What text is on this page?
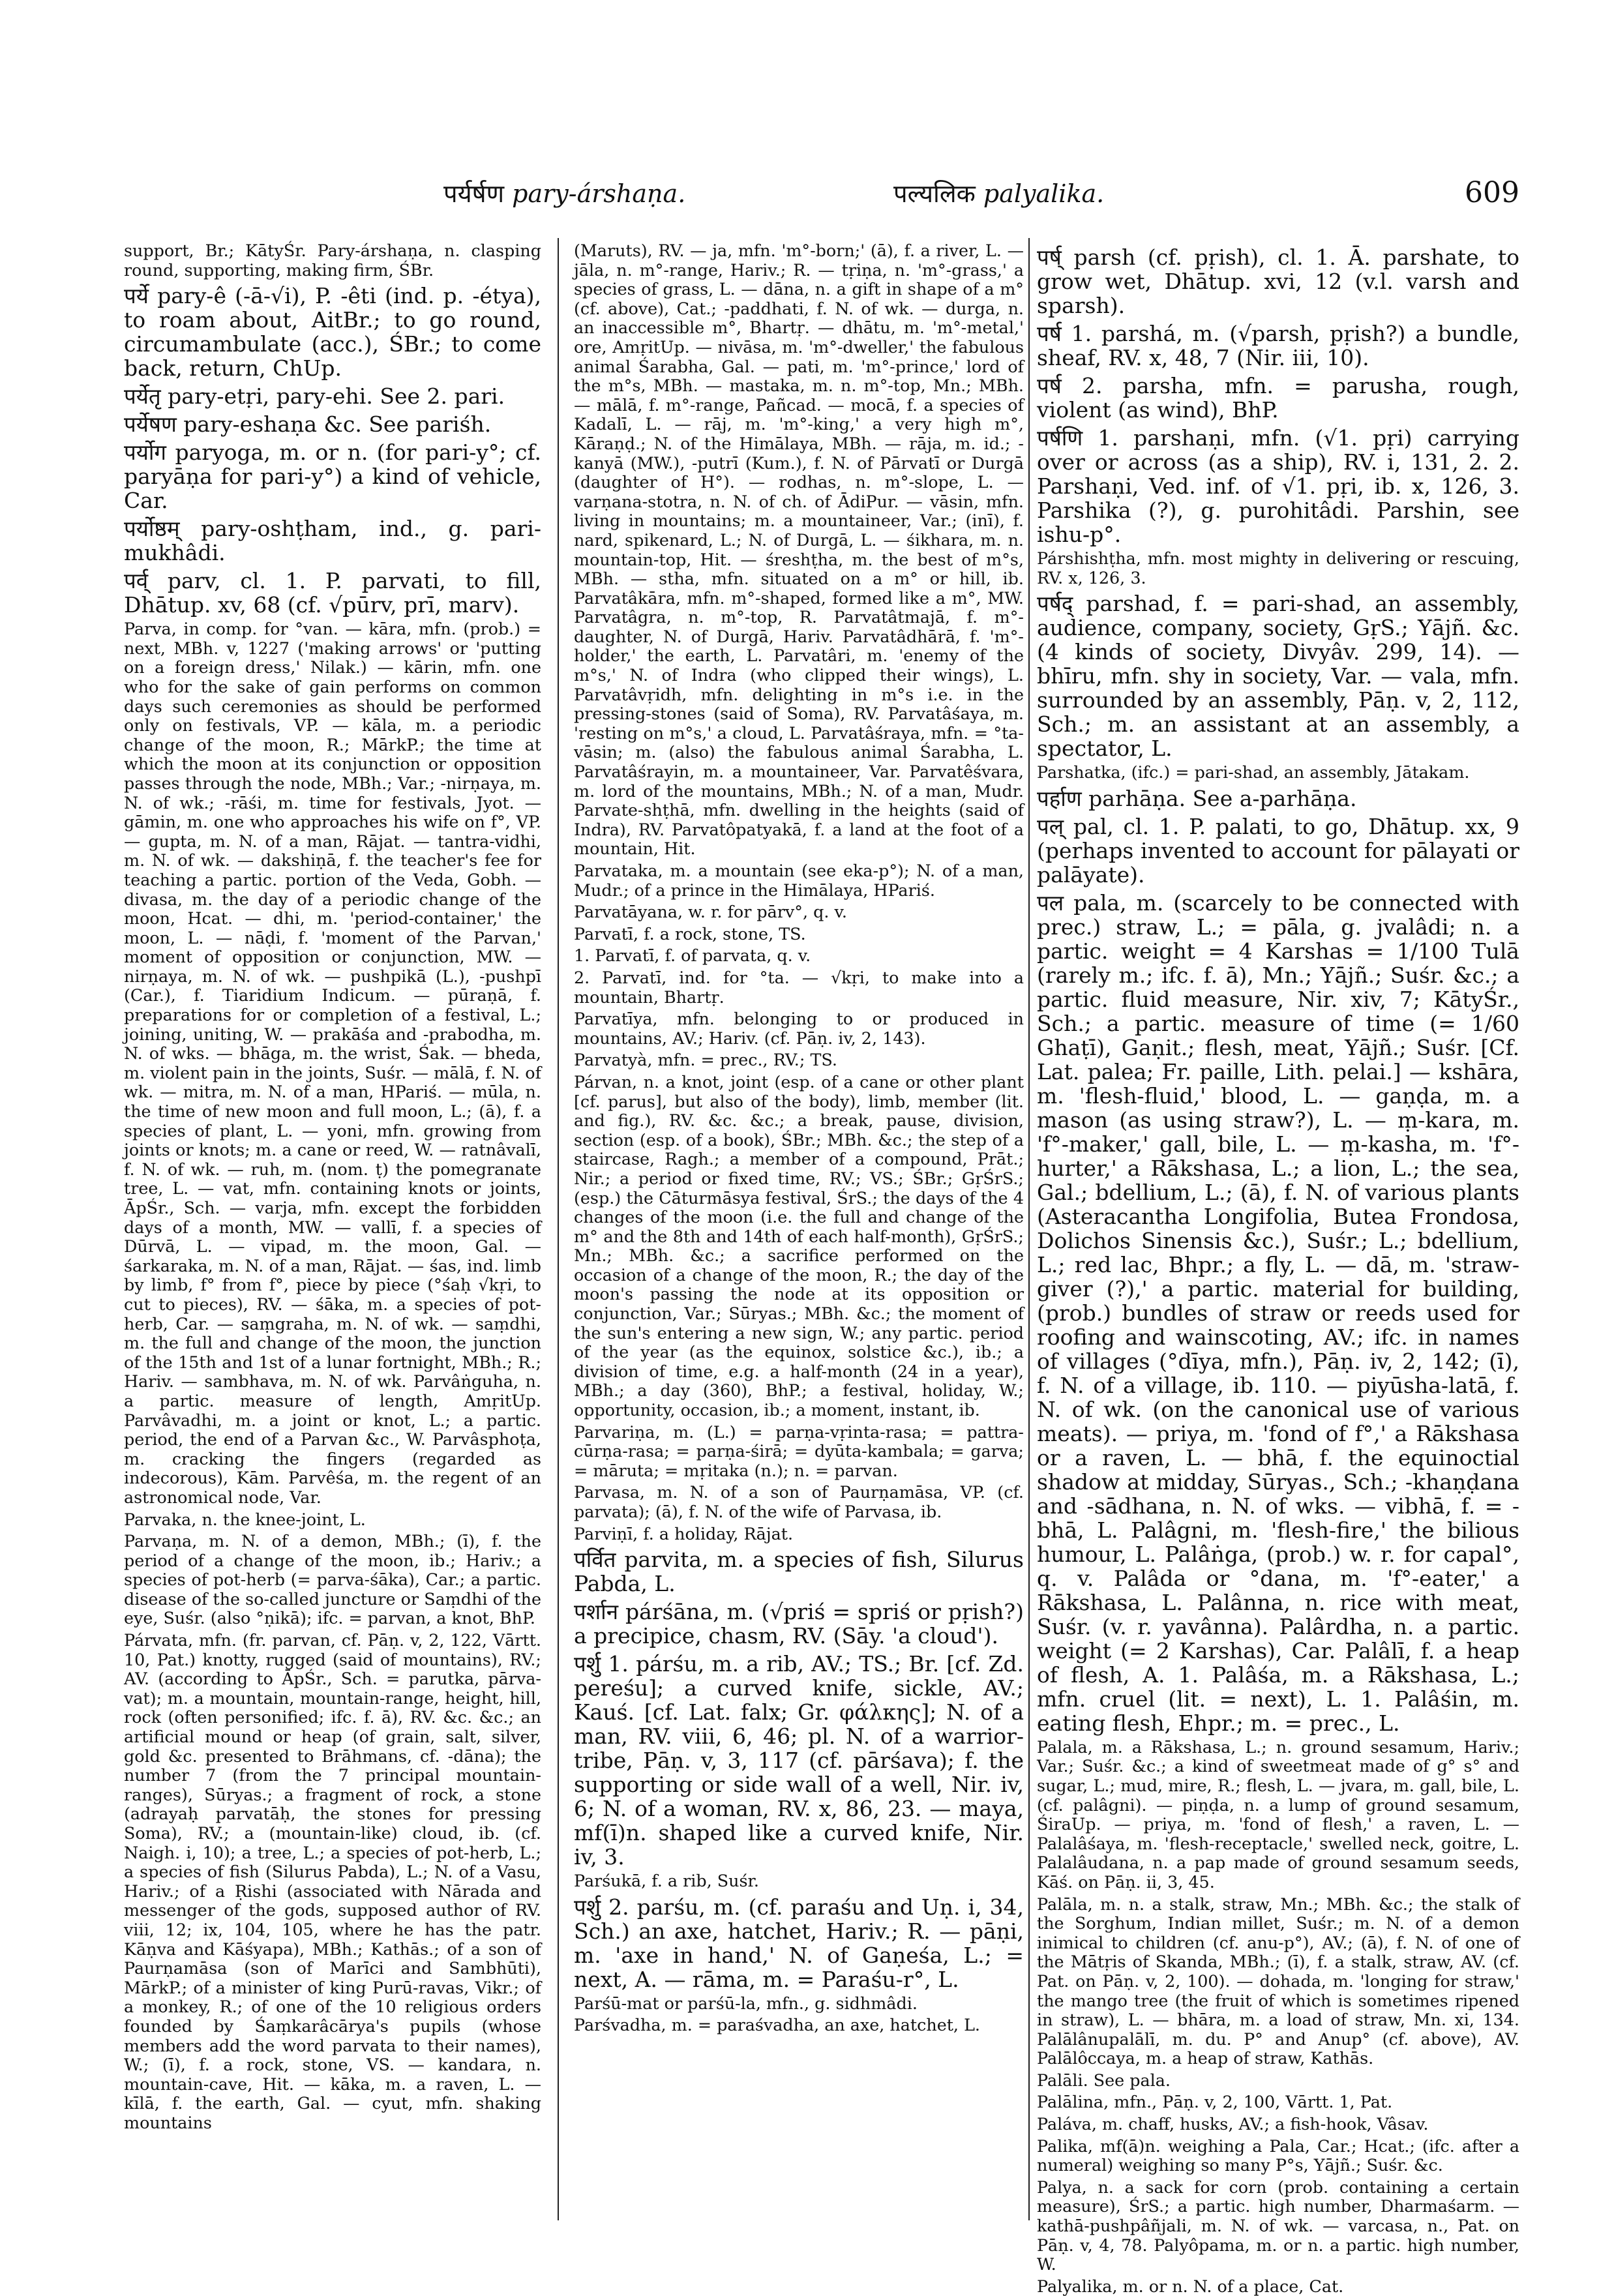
पर्यर्षण pary-árshaṇa.	पल्यलिक palyalika.	609

support, Br.; KātyŚr. Pary-árshaṇa, n. clasping round, supporting, making firm, ŚBr.

पर्ये pary-ê (-ā-√i), P. -êti (ind. p. -étya), to roam about, AitBr.; to go round, circumambulate (acc.), ŚBr.; to come back, return, ChUp.

पर्येतृ pary-etṛi, pary-ehi. See 2. pari.

पर्येषण pary-eshaṇa &c. See pariśh.

पर्योग paryoga, m. or n. (for pari-y°; cf. paryāṇa for pari-y°) a kind of vehicle, Car.

पर्योष्ठम् pary-oshṭham, ind., g. pari-mukhâdi.

पर्व् parv, cl. 1. P. parvati, to fill, Dhātup. xv, 68 (cf. √pūrv, prī, marv).

Parva, in comp. for °van. — kāra, mfn. (prob.) = next, MBh. v, 1227 ('making arrows' or 'putting on a foreign dress,' Nilak.) — kārin, mfn. one who for the sake of gain performs on common days such ceremonies as should be performed only on festivals, VP. — kāla, m. a periodic change of the moon, R.; MārkP.; the time at which the moon at its conjunction or opposition passes through the node, MBh.; Var.; -nirṇaya, m. N. of wk.; -rāśi, m. time for festivals, Jyot. — gāmin, m. one who approaches his wife on f°, VP. — gupta, m. N. of a man, Rājat. — tantra-vidhi, m. N. of wk. — dakshiṇā, f. the teacher's fee for teaching a partic. portion of the Veda, Gobh. — divasa, m. the day of a periodic change of the moon, Hcat. — dhi, m. 'period-container,' the moon, L. — nāḍi, f. 'moment of the Parvan,' moment of opposition or conjunction, MW. — nirṇaya, m. N. of wk. — pushpikā (L.), -pushpī (Car.), f. Tiaridium Indicum. — pūraṇā, f. preparations for or completion of a festival, L.; joining, uniting, W. — prakāśa and -prabodha, m. N. of wks. — bhāga, m. the wrist, Śak. — bheda, m. violent pain in the joints, Suśr. — mālā, f. N. of wk. — mitra, m. N. of a man, HPariś. — mūla, n. the time of new moon and full moon, L.; (ā), f. a species of plant, L. — yoni, mfn. growing from joints or knots; m. a cane or reed, W. — ratnâvalī, f. N. of wk. — ruh, m. (nom. ṭ) the pomegranate tree, L. — vat, mfn. containing knots or joints, ĀpŚr., Sch. — varja, mfn. except the forbidden days of a month, MW. — vallī, f. a species of Dūrvā, L. — vipad, m. the moon, Gal. — śarkaraka, m. N. of a man, Rājat. — śas, ind. limb by limb, f° from f°, piece by piece (°śaḥ √kṛi, to cut to pieces), RV. — śāka, m. a species of pot-herb, Car. — saṃgraha, m. N. of wk. — saṃdhi, m. the full and change of the moon, the junction of the 15th and 1st of a lunar fortnight, MBh.; R.; Hariv. — sambhava, m. N. of wk. Parvâṅguha, n. a partic. measure of length, AmṛitUp. Parvâvadhi, m. a joint or knot, L.; a partic. period, the end of a Parvan &c., W. Parvâsphoṭa, m. cracking the fingers (regarded as indecorous), Kām. Parvêśa, m. the regent of an astronomical node, Var.

Parvaka, n. the knee-joint, L.

Parvaṇa, m. N. of a demon, MBh.; (ī), f. the period of a change of the moon, ib.; Hariv.; a species of pot-herb (= parva-śāka), Car.; a partic. disease of the so-called juncture or Saṃdhi of the eye, Suśr. (also °ṇikā); ifc. = parvan, a knot, BhP.

Párvata, mfn. (fr. parvan, cf. Pāṇ. v, 2, 122, Vārtt. 10, Pat.) knotty, rugged (said of mountains), RV.; AV. (according to ĀpŚr., Sch. = parutka, pārva-vat); m. a mountain, mountain-range, height, hill, rock (often personified; ifc. f. ā), RV. &c. &c.; an artificial mound or heap (of grain, salt, silver, gold &c. presented to Brāhmans, cf. -dāna); the number 7 (from the 7 principal mountain-ranges), Sūryas.; a fragment of rock, a stone (adrayaḥ parvatāḥ, the stones for pressing Soma), RV.; a (mountain-like) cloud, ib. (cf. Naigh. i, 10); a tree, L.; a species of pot-herb, L.; a species of fish (Silurus Pabda), L.; N. of a Vasu, Hariv.; of a Ṛishi (associated with Nārada and messenger of the gods, supposed author of RV. viii, 12; ix, 104, 105, where he has the patr. Kāṇva and Kāśyapa), MBh.; Kathās.; of a son of Paurṇamāsa (son of Marīci and Sambhūti), MārkP.; of a minister of king Purū-ravas, Vikr.; of a monkey, R.; of one of the 10 religious orders founded by Śaṃkarâcārya's pupils (whose members add the word parvata to their names), W.; (ī), f. a rock, stone, VS. — kandara, n. mountain-cave, Hit. — kāka, m. a raven, L. — kīlā, f. the earth, Gal. — cyut, mfn. shaking mountains

(Maruts), RV. — ja, mfn. 'm°-born;' (ā), f. a river, L. — jāla, n. m°-range, Hariv.; R. — tṛiṇa, n. 'm°-grass,' a species of grass, L. — dāna, n. a gift in shape of a m° (cf. above), Cat.; -paddhati, f. N. of wk. — durga, n. an inaccessible m°, Bhartṛ. — dhātu, m. 'm°-metal,' ore, AmṛitUp. — nivāsa, m. 'm°-dweller,' the fabulous animal Śarabha, Gal. — pati, m. 'm°-prince,' lord of the m°s, MBh. — mastaka, m. n. m°-top, Mn.; MBh. — mālā, f. m°-range, Pañcad. — mocā, f. a species of Kadalī, L. — rāj, m. 'm°-king,' a very high m°, Kāraṇḍ.; N. of the Himālaya, MBh. — rāja, m. id.; -kanyā (MW.), -putrī (Kum.), f. N. of Pārvatī or Durgā (daughter of H°). — rodhas, n. m°-slope, L. — varṇana-stotra, n. N. of ch. of ĀdiPur. — vāsin, mfn. living in mountains; m. a mountaineer, Var.; (inī), f. nard, spikenard, L.; N. of Durgā, L. — śikhara, m. n. mountain-top, Hit. — śreshṭha, m. the best of m°s, MBh. — stha, mfn. situated on a m° or hill, ib. Parvatâkāra, mfn. m°-shaped, formed like a m°, MW. Parvatâgra, n. m°-top, R. Parvatâtmajā, f. m°-daughter, N. of Durgā, Hariv. Parvatâdhārā, f. 'm°-holder,' the earth, L. Parvatâri, m. 'enemy of the m°s,' N. of Indra (who clipped their wings), L. Parvatâvṛidh, mfn. delighting in m°s i.e. in the pressing-stones (said of Soma), RV. Parvatâśaya, m. 'resting on m°s,' a cloud, L. Parvatâśraya, mfn. = °ta-vāsin; m. (also) the fabulous animal Śarabha, L. Parvatâśrayin, m. a mountaineer, Var. Parvatêśvara, m. lord of the mountains, MBh.; N. of a man, Mudr. Parvate-shṭhā, mfn. dwelling in the heights (said of Indra), RV. Parvatôpatyakā, f. a land at the foot of a mountain, Hit.

Parvataka, m. a mountain (see eka-p°); N. of a man, Mudr.; of a prince in the Himālaya, HPariś.

Parvatāyana, w. r. for pārv°, q. v.

Parvatī, f. a rock, stone, TS.

1. Parvatī, f. of parvata, q. v.

2. Parvatī, ind. for °ta. — √kṛi, to make into a mountain, Bhartṛ.

Parvatīya, mfn. belonging to or produced in mountains, AV.; Hariv. (cf. Pāṇ. iv, 2, 143).

Parvatyà, mfn. = prec., RV.; TS.

Párvan, n. a knot, joint (esp. of a cane or other plant [cf. parus], but also of the body), limb, member (lit. and fig.), RV. &c. &c.; a break, pause, division, section (esp. of a book), ŚBr.; MBh. &c.; the step of a staircase, Ragh.; a member of a compound, Prāt.; Nir.; a period or fixed time, RV.; VS.; ŚBr.; GṛŚrS.; (esp.) the Cāturmāsya festival, ŚrS.; the days of the 4 changes of the moon (i.e. the full and change of the m° and the 8th and 14th of each half-month), GṛŚrS.; Mn.; MBh. &c.; a sacrifice performed on the occasion of a change of the moon, R.; the day of the moon's passing the node at its opposition or conjunction, Var.; Sūryas.; MBh. &c.; the moment of the sun's entering a new sign, W.; any partic. period of the year (as the equinox, solstice &c.), ib.; a division of time, e.g. a half-month (24 in a year), MBh.; a day (360), BhP.; a festival, holiday, W.; opportunity, occasion, ib.; a moment, instant, ib.

Parvariṇa, m. (L.) = parṇa-vṛinta-rasa; = pattra-cūrṇa-rasa; = parṇa-śirā; = dyūta-kambala; = garva; = māruta; = mṛitaka (n.); n. = parvan.

Parvasa, m. N. of a son of Paurṇamāsa, VP. (cf. parvata); (ā), f. N. of the wife of Parvasa, ib.

Parviṇī, f. a holiday, Rājat.

पर्वित parvita, m. a species of fish, Silurus Pabda, L.

पर्शान párśāna, m. (√priś = spriś or pṛish?) a precipice, chasm, RV. (Sāy. 'a cloud').

पर्शु 1. párśu, m. a rib, AV.; TS.; Br. [cf. Zd. pereśu]; a curved knife, sickle, AV.; Kauś. [cf. Lat. falx; Gr. φάλκης]; N. of a man, RV. viii, 6, 46; pl. N. of a warrior-tribe, Pāṇ. v, 3, 117 (cf. pārśava); f. the supporting or side wall of a well, Nir. iv, 6; N. of a woman, RV. x, 86, 23. — maya, mf(ī)n. shaped like a curved knife, Nir. iv, 3.

Parśukā, f. a rib, Suśr.

पर्शु 2. parśu, m. (cf. paraśu and Uṇ. i, 34, Sch.) an axe, hatchet, Hariv.; R. — pāṇi, m. 'axe in hand,' N. of Gaṇeśa, L.; = next, A. — rāma, m. = Paraśu-r°, L.

Parśū-mat or parśū-la, mfn., g. sidhmâdi.

Parśvadha, m. = paraśvadha, an axe, hatchet, L.

पर्ष् parsh (cf. pṛish), cl. 1. Ā. parshate, to grow wet, Dhātup. xvi, 12 (v.l. varsh and sparsh).

पर्ष 1. parshá, m. (√parsh, pṛish?) a bundle, sheaf, RV. x, 48, 7 (Nir. iii, 10).

पर्ष 2. parsha, mfn. = parusha, rough, violent (as wind), BhP.

पर्षणि 1. parshaṇi, mfn. (√1. pṛi) carrying over or across (as a ship), RV. i, 131, 2. 2. Parshaṇi, Ved. inf. of √1. pṛi, ib. x, 126, 3. Parshika (?), g. purohitâdi. Parshin, see ishu-p°.

Párshishṭha, mfn. most mighty in delivering or rescuing, RV. x, 126, 3.

पर्षद् parshad, f. = pari-shad, an assembly, audience, company, society, GṛS.; Yājñ. &c. (4 kinds of society, Divyâv. 299, 14). — bhīru, mfn. shy in society, Var. — vala, mfn. surrounded by an assembly, Pāṇ. v, 2, 112, Sch.; m. an assistant at an assembly, a spectator, L.

Parshatka, (ifc.) = pari-shad, an assembly, Jātakam.

पर्हाण parhāṇa. See a-parhāṇa.

पल् pal, cl. 1. P. palati, to go, Dhātup. xx, 9 (perhaps invented to account for pālayati or palāyate).

पल pala, m. (scarcely to be connected with prec.) straw, L.; = pāla, g. jvalâdi; n. a partic. weight = 4 Karshas = 1/100 Tulā (rarely m.; ifc. f. ā), Mn.; Yājñ.; Suśr. &c.; a partic. fluid measure, Nir. xiv, 7; KātyŚr., Sch.; a partic. measure of time (= 1/60 Ghaṭī), Gaṇit.; flesh, meat, Yājñ.; Suśr. [Cf. Lat. palea; Fr. paille, Lith. pelai.] — kshāra, m. 'flesh-fluid,' blood, L. — gaṇḍa, m. a mason (as using straw?), L. — ṃ-kara, m. 'f°-maker,' gall, bile, L. — ṃ-kasha, m. 'f°-hurter,' a Rākshasa, L.; a lion, L.; the sea, Gal.; bdellium, L.; (ā), f. N. of various plants (Asteracantha Longifolia, Butea Frondosa, Dolichos Sinensis &c.), Suśr.; L.; bdellium, L.; red lac, Bhpr.; a fly, L. — dā, m. 'straw-giver (?),' a partic. material for building, (prob.) bundles of straw or reeds used for roofing and wainscoting, AV.; ifc. in names of villages (°dīya, mfn.), Pāṇ. iv, 2, 142; (ī), f. N. of a village, ib. 110. — piyūsha-latā, f. N. of wk. (on the canonical use of various meats). — priya, m. 'fond of f°,' a Rākshasa or a raven, L. — bhā, f. the equinoctial shadow at midday, Sūryas., Sch.; -khaṇḍana and -sādhana, n. N. of wks. — vibhā, f. = -bhā, L. Palâgni, m. 'flesh-fire,' the bilious humour, L. Palâṅga, (prob.) w. r. for capal°, q. v. Palâda or °dana, m. 'f°-eater,' a Rākshasa, L. Palânna, n. rice with meat, Suśr. (v. r. yavânna). Palârdha, n. a partic. weight (= 2 Karshas), Car. Palâlī, f. a heap of flesh, A. 1. Palâśa, m. a Rākshasa, L.; mfn. cruel (lit. = next), L. 1. Palâśin, m. eating flesh, Ehpr.; m. = prec., L.

Palala, m. a Rākshasa, L.; n. ground sesamum, Hariv.; Var.; Suśr. &c.; a kind of sweetmeat made of g° s° and sugar, L.; mud, mire, R.; flesh, L. — jvara, m. gall, bile, L. (cf. palâgni). — piṇḍa, n. a lump of ground sesamum, ŚiraUp. — priya, m. 'fond of flesh,' a raven, L. — Palalâśaya, m. 'flesh-receptacle,' swelled neck, goitre, L. Palalâudana, n. a pap made of ground sesamum seeds, Kāś. on Pāṇ. ii, 3, 45.

Palāla, m. n. a stalk, straw, Mn.; MBh. &c.; the stalk of the Sorghum, Indian millet, Suśr.; m. N. of a demon inimical to children (cf. anu-p°), AV.; (ā), f. N. of one of the Mātṛis of Skanda, MBh.; (ī), f. a stalk, straw, AV. (cf. Pat. on Pāṇ. v, 2, 100). — dohada, m. 'longing for straw,' the mango tree (the fruit of which is sometimes ripened in straw), L. — bhāra, m. a load of straw, Mn. xi, 134. Palālânupalālī, m. du. P° and Anup° (cf. above), AV. Palālôccaya, m. a heap of straw, Kathās.

Palāli. See pala.

Palālina, mfn., Pāṇ. v, 2, 100, Vārtt. 1, Pat.

Paláva, m. chaff, husks, AV.; a fish-hook, Vâsav.

Palika, mf(ā)n. weighing a Pala, Car.; Hcat.; (ifc. after a numeral) weighing so many P°s, Yājñ.; Suśr. &c.

Palya, n. a sack for corn (prob. containing a certain measure), ŚrS.; a partic. high number, Dharmaśarm. — kathā-pushpâñjali, m. N. of wk. — varcasa, n., Pat. on Pāṇ. v, 4, 78. Palyôpama, m. or n. a partic. high number, W.

Palyalika, m. or n. N. of a place, Cat.
